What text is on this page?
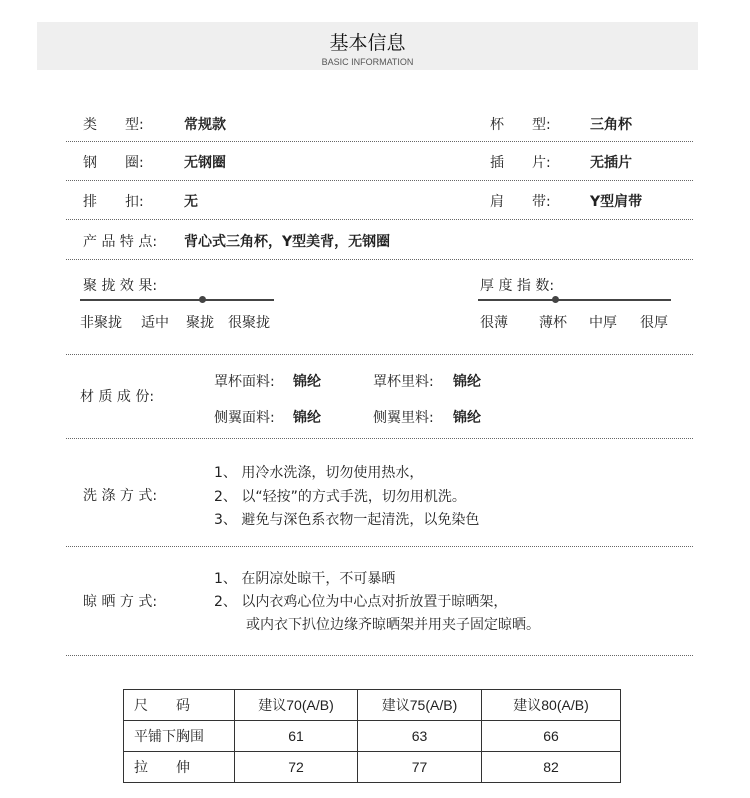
基本信息
BASIC INFORMATION
类　　型:	常规款	杯　　型:	三角杯
钢　　圈:	无钢圈	插　　片:	无插片
排　　扣:	无	肩　　带:	Y型肩带
产 品 特 点: 背心式三角杯，Y型美背，无钢圈
聚 拢 效 果:
非聚拢 适中 聚拢 很聚拢
厚 度 指 数:
很薄 薄杯 中厚 很厚
材 质 成 份:
罩杯面料: 锦纶	罩杯里料: 锦纶
侧翼面料: 锦纶	侧翼里料: 锦纶
洗 涤 方 式:
1、 用冷水洗涤，切勿使用热水，
2、 以“轻按”的方式手洗，切勿用机洗。
3、 避免与深色系衣物一起清洗，以免染色
晾 晒 方 式:
1、 在阴凉处晾干，不可暴晒
2、 以内衣鸡心位为中心点对折放置于晾晒架，
或内衣下扒位边缘齐晾晒架并用夹子固定晾晒。
尺　　码	建议70(A/B)	建议75(A/B)	建议80(A/B)
平铺下胸围	61	63	66
拉　　伸	72	77	82
